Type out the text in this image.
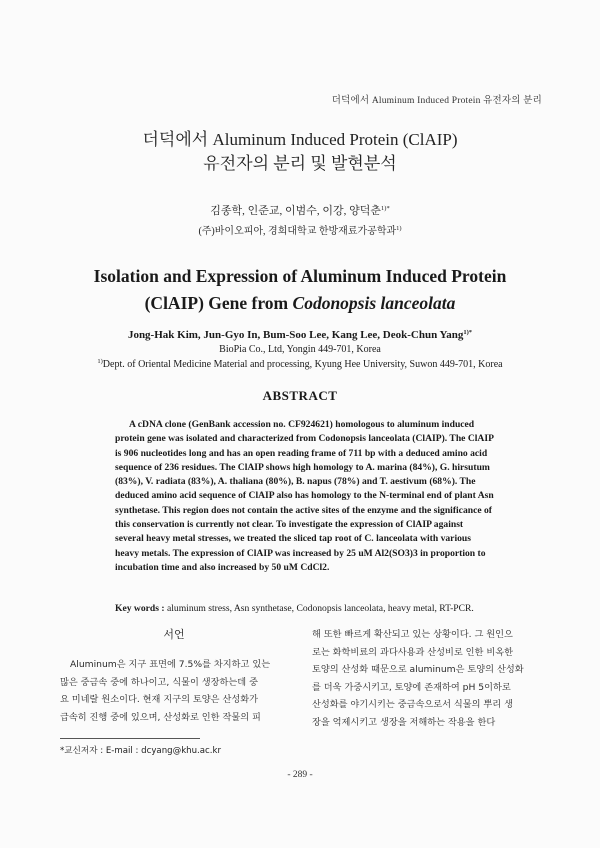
더덕에서 Aluminum Induced Protein 유전자의 분리
더덕에서 Aluminum Induced Protein (ClAIP)
유전자의 분리 및 발현분석
김종학, 인준교, 이범수, 이강, 양덕춘$^{1)*}$
(주)바이오피아, 경희대학교 한방재료가공학과$^{1)}$
Isolation and Expression of Aluminum Induced Protein
(ClAIP) Gene from Codonopsis lanceolata
Jong-Hak Kim, Jun-Gyo In, Bum-Soo Lee, Kang Lee, Deok-Chun Yang$^{1)*}$
BioPia Co., Ltd, Yongin 449-701, Korea
$^{1)}$Dept. of Oriental Medicine Material and processing, Kyung Hee University, Suwon 449-701, Korea
ABSTRACT
A cDNA clone (GenBank accession no. CF924621) homologous to aluminum induced
protein gene was isolated and characterized from Codonopsis lanceolata (ClAIP). The ClAIP
is 906 nucleotides long and has an open reading frame of 711 bp with a deduced amino acid
sequence of 236 residues. The ClAIP shows high homology to A. marina (84%), G. hirsutum
(83%), V. radiata (83%), A. thaliana (80%), B. napus (78%) and T. aestivum (68%). The
deduced amino acid sequence of ClAIP also has homology to the N-terminal end of plant Asn
synthetase. This region does not contain the active sites of the enzyme and the significance of
this conservation is currently not clear. To investigate the expression of ClAIP against
several heavy metal stresses, we treated the sliced tap root of C. lanceolata with various
heavy metals. The expression of ClAIP was increased by 25 uM Al2(SO3)3 in proportion to
incubation time and also increased by 50 uM CdCl2.
Key words : aluminum stress, Asn synthetase, Codonopsis lanceolata, heavy metal, RT-PCR.
서언
Aluminum은 지구 표면에 7.5%를 차지하고 있는
많은 중금속 중에 하나이고, 식물이 생장하는데 중
요 미네랄 원소이다. 현재 지구의 토양은 산성화가
급속히 진행 중에 있으며, 산성화로 인한 작물의 피
해 또한 빠르게 확산되고 있는 상황이다. 그 원인으
로는 화학비료의 과다사용과 산성비로 인한 비옥한
토양의 산성화 때문으로 aluminum은 토양의 산성화
를 더욱 가중시키고, 토양에 존재하여 pH 5이하로
산성화를 야기시키는 중금속으로서 식물의 뿌리 생
장을 억제시키고 생장을 저해하는 작용을 한다
*교신저자 : E-mail : dcyang@khu.ac.kr
- 289 -
